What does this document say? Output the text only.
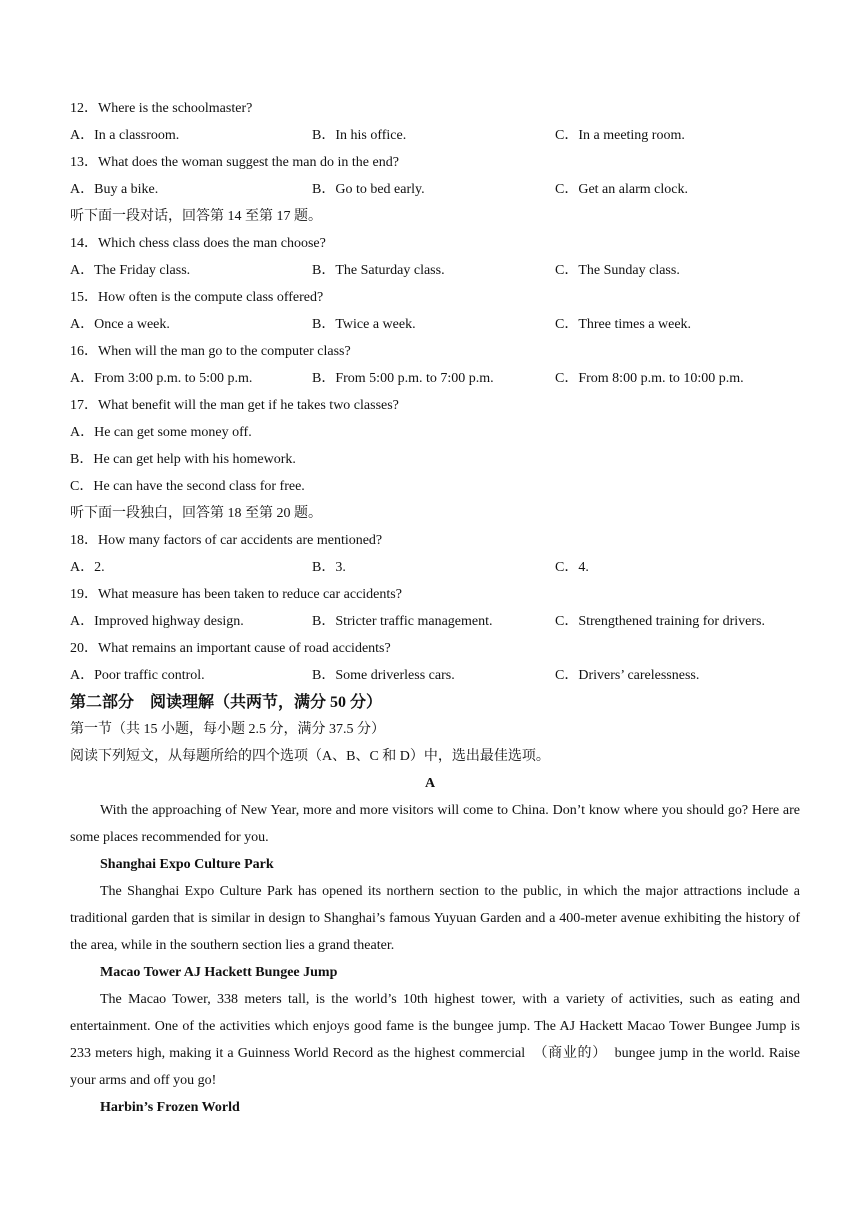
12．Where is the schoolmaster?
A．In a classroom.	B．In his office.	C．In a meeting room.
13．What does the woman suggest the man do in the end?
A．Buy a bike.	B．Go to bed early.	C．Get an alarm clock.
听下面一段对话，回答第 14 至第 17 题。
14．Which chess class does the man choose?
A．The Friday class.	B．The Saturday class.	C．The Sunday class.
15．How often is the compute class offered?
A．Once a week.	B．Twice a week.	C．Three times a week.
16．When will the man go to the computer class?
A．From 3:00 p.m. to 5:00 p.m.	B．From 5:00 p.m. to 7:00 p.m.	C．From 8:00 p.m. to 10:00 p.m.
17．What benefit will the man get if he takes two classes?
A．He can get some money off.
B．He can get help with his homework.
C．He can have the second class for free.
听下面一段独白，回答第 18 至第 20 题。
18．How many factors of car accidents are mentioned?
A．2.	B．3.	C．4.
19．What measure has been taken to reduce car accidents?
A．Improved highway design.	B．Stricter traffic management.	C．Strengthened training for drivers.
20．What remains an important cause of road accidents?
A．Poor traffic control.	B．Some driverless cars.	C．Drivers’ carelessness.
第二部分　阅读理解（共两节，满分 50 分）
第一节（共 15 小题，每小题 2.5 分，满分 37.5 分）
阅读下列短文，从每题所给的四个选项（A、B、C 和 D）中，选出最佳选项。
A
With the approaching of New Year, more and more visitors will come to China. Don’t know where you should go? Here are some places recommended for you.
Shanghai Expo Culture Park
The Shanghai Expo Culture Park has opened its northern section to the public, in which the major attractions include a traditional garden that is similar in design to Shanghai’s famous Yuyuan Garden and a 400-meter avenue exhibiting the history of the area, while in the southern section lies a grand theater.
Macao Tower AJ Hackett Bungee Jump
The Macao Tower, 338 meters tall, is the world’s 10th highest tower, with a variety of activities, such as eating and entertainment. One of the activities which enjoys good fame is the bungee jump. The AJ Hackett Macao Tower Bungee Jump is 233 meters high, making it a Guinness World Record as the highest commercial　（商业的）　bungee jump in the world. Raise your arms and off you go!
Harbin’s Frozen World
